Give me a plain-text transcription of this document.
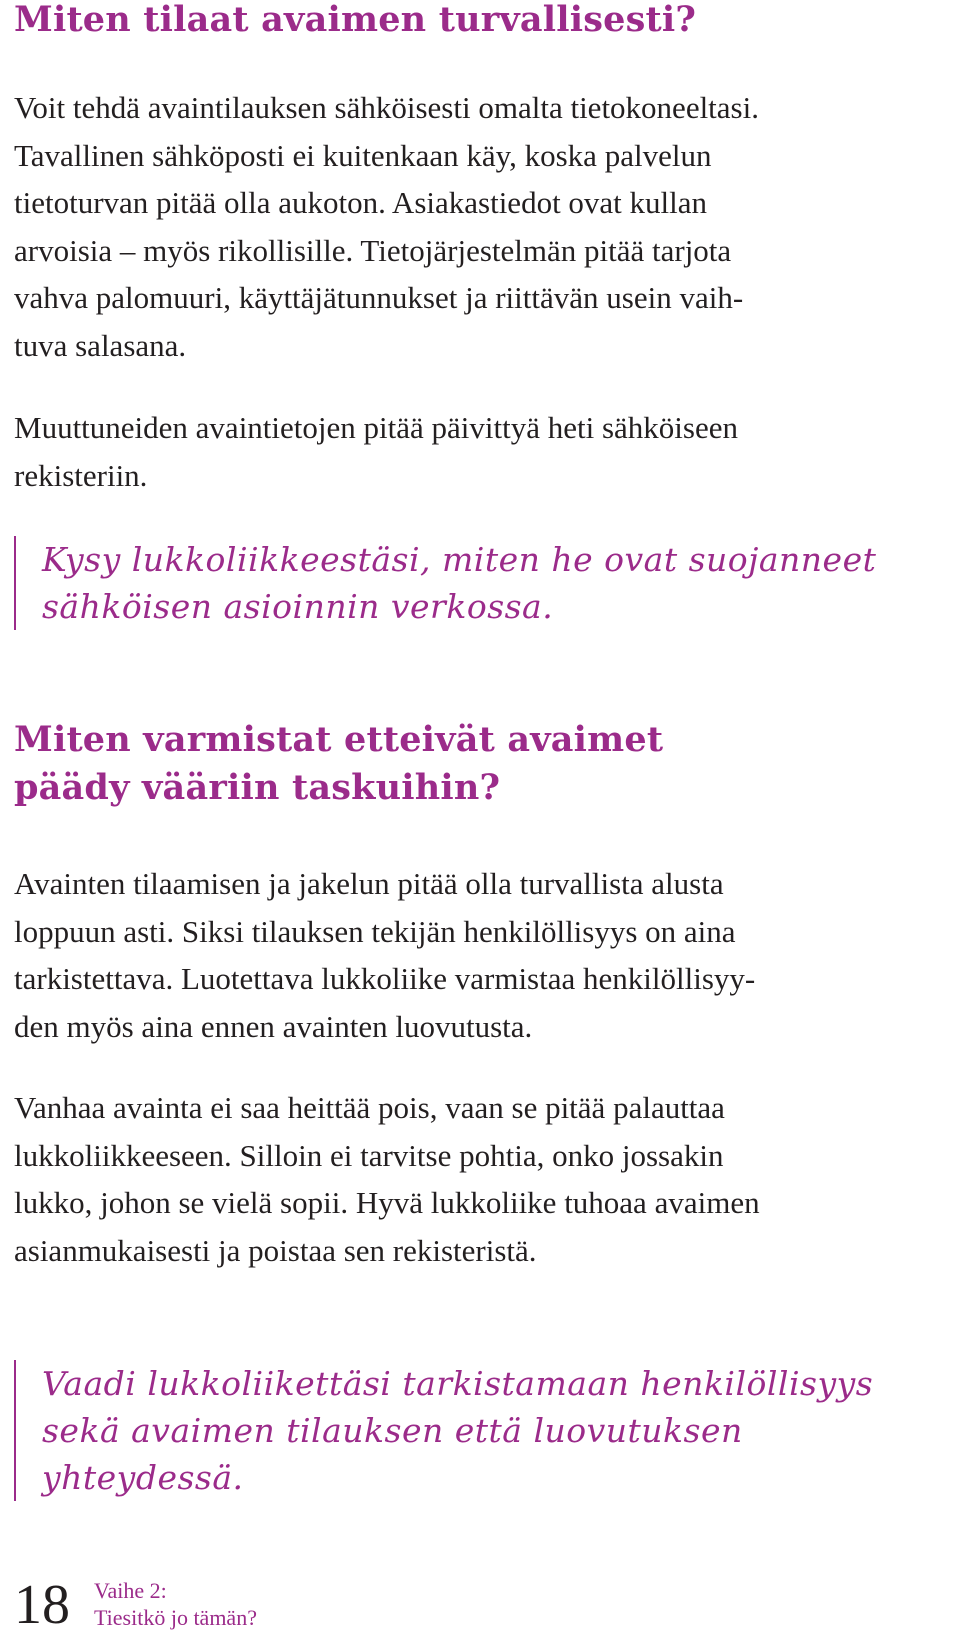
Miten tilaat avaimen turvallisesti?

Voit tehdä avaintilauksen sähköisesti omalta tietokoneeltasi.
Tavallinen sähköposti ei kuitenkaan käy, koska palvelun
tietoturvan pitää olla aukoton. Asiakastiedot ovat kullan
arvoisia – myös rikollisille. Tietojärjestelmän pitää tarjota
vahva palomuuri, käyttäjätunnukset ja riittävän usein vaih-
tuva salasana.

Muuttuneiden avaintietojen pitää päivittyä heti sähköiseen
rekisteriin.

Kysy lukkoliikkeestäsi, miten he ovat suojanneet
sähköisen asioinnin verkossa.
Miten varmistat etteivät avaimet
päädy vääriin taskuihin?

Avainten tilaamisen ja jakelun pitää olla turvallista alusta
loppuun asti. Siksi tilauksen tekijän henkilöllisyys on aina
tarkistettava. Luotettava lukkoliike varmistaa henkilöllisyy-
den myös aina ennen avainten luovutusta.

Vanhaa avainta ei saa heittää pois, vaan se pitää palauttaa
lukkoliikkeeseen. Silloin ei tarvitse pohtia, onko jossakin
lukko, johon se vielä sopii. Hyvä lukkoliike tuhoaa avaimen
asianmukaisesti ja poistaa sen rekisteristä.

Vaadi lukkoliikettäsi tarkistamaan henkilöllisyys
sekä avaimen tilauksen että luovutuksen
yhteydessä.
18 Vaihe 2:
Tiesitkö jo tämän?
